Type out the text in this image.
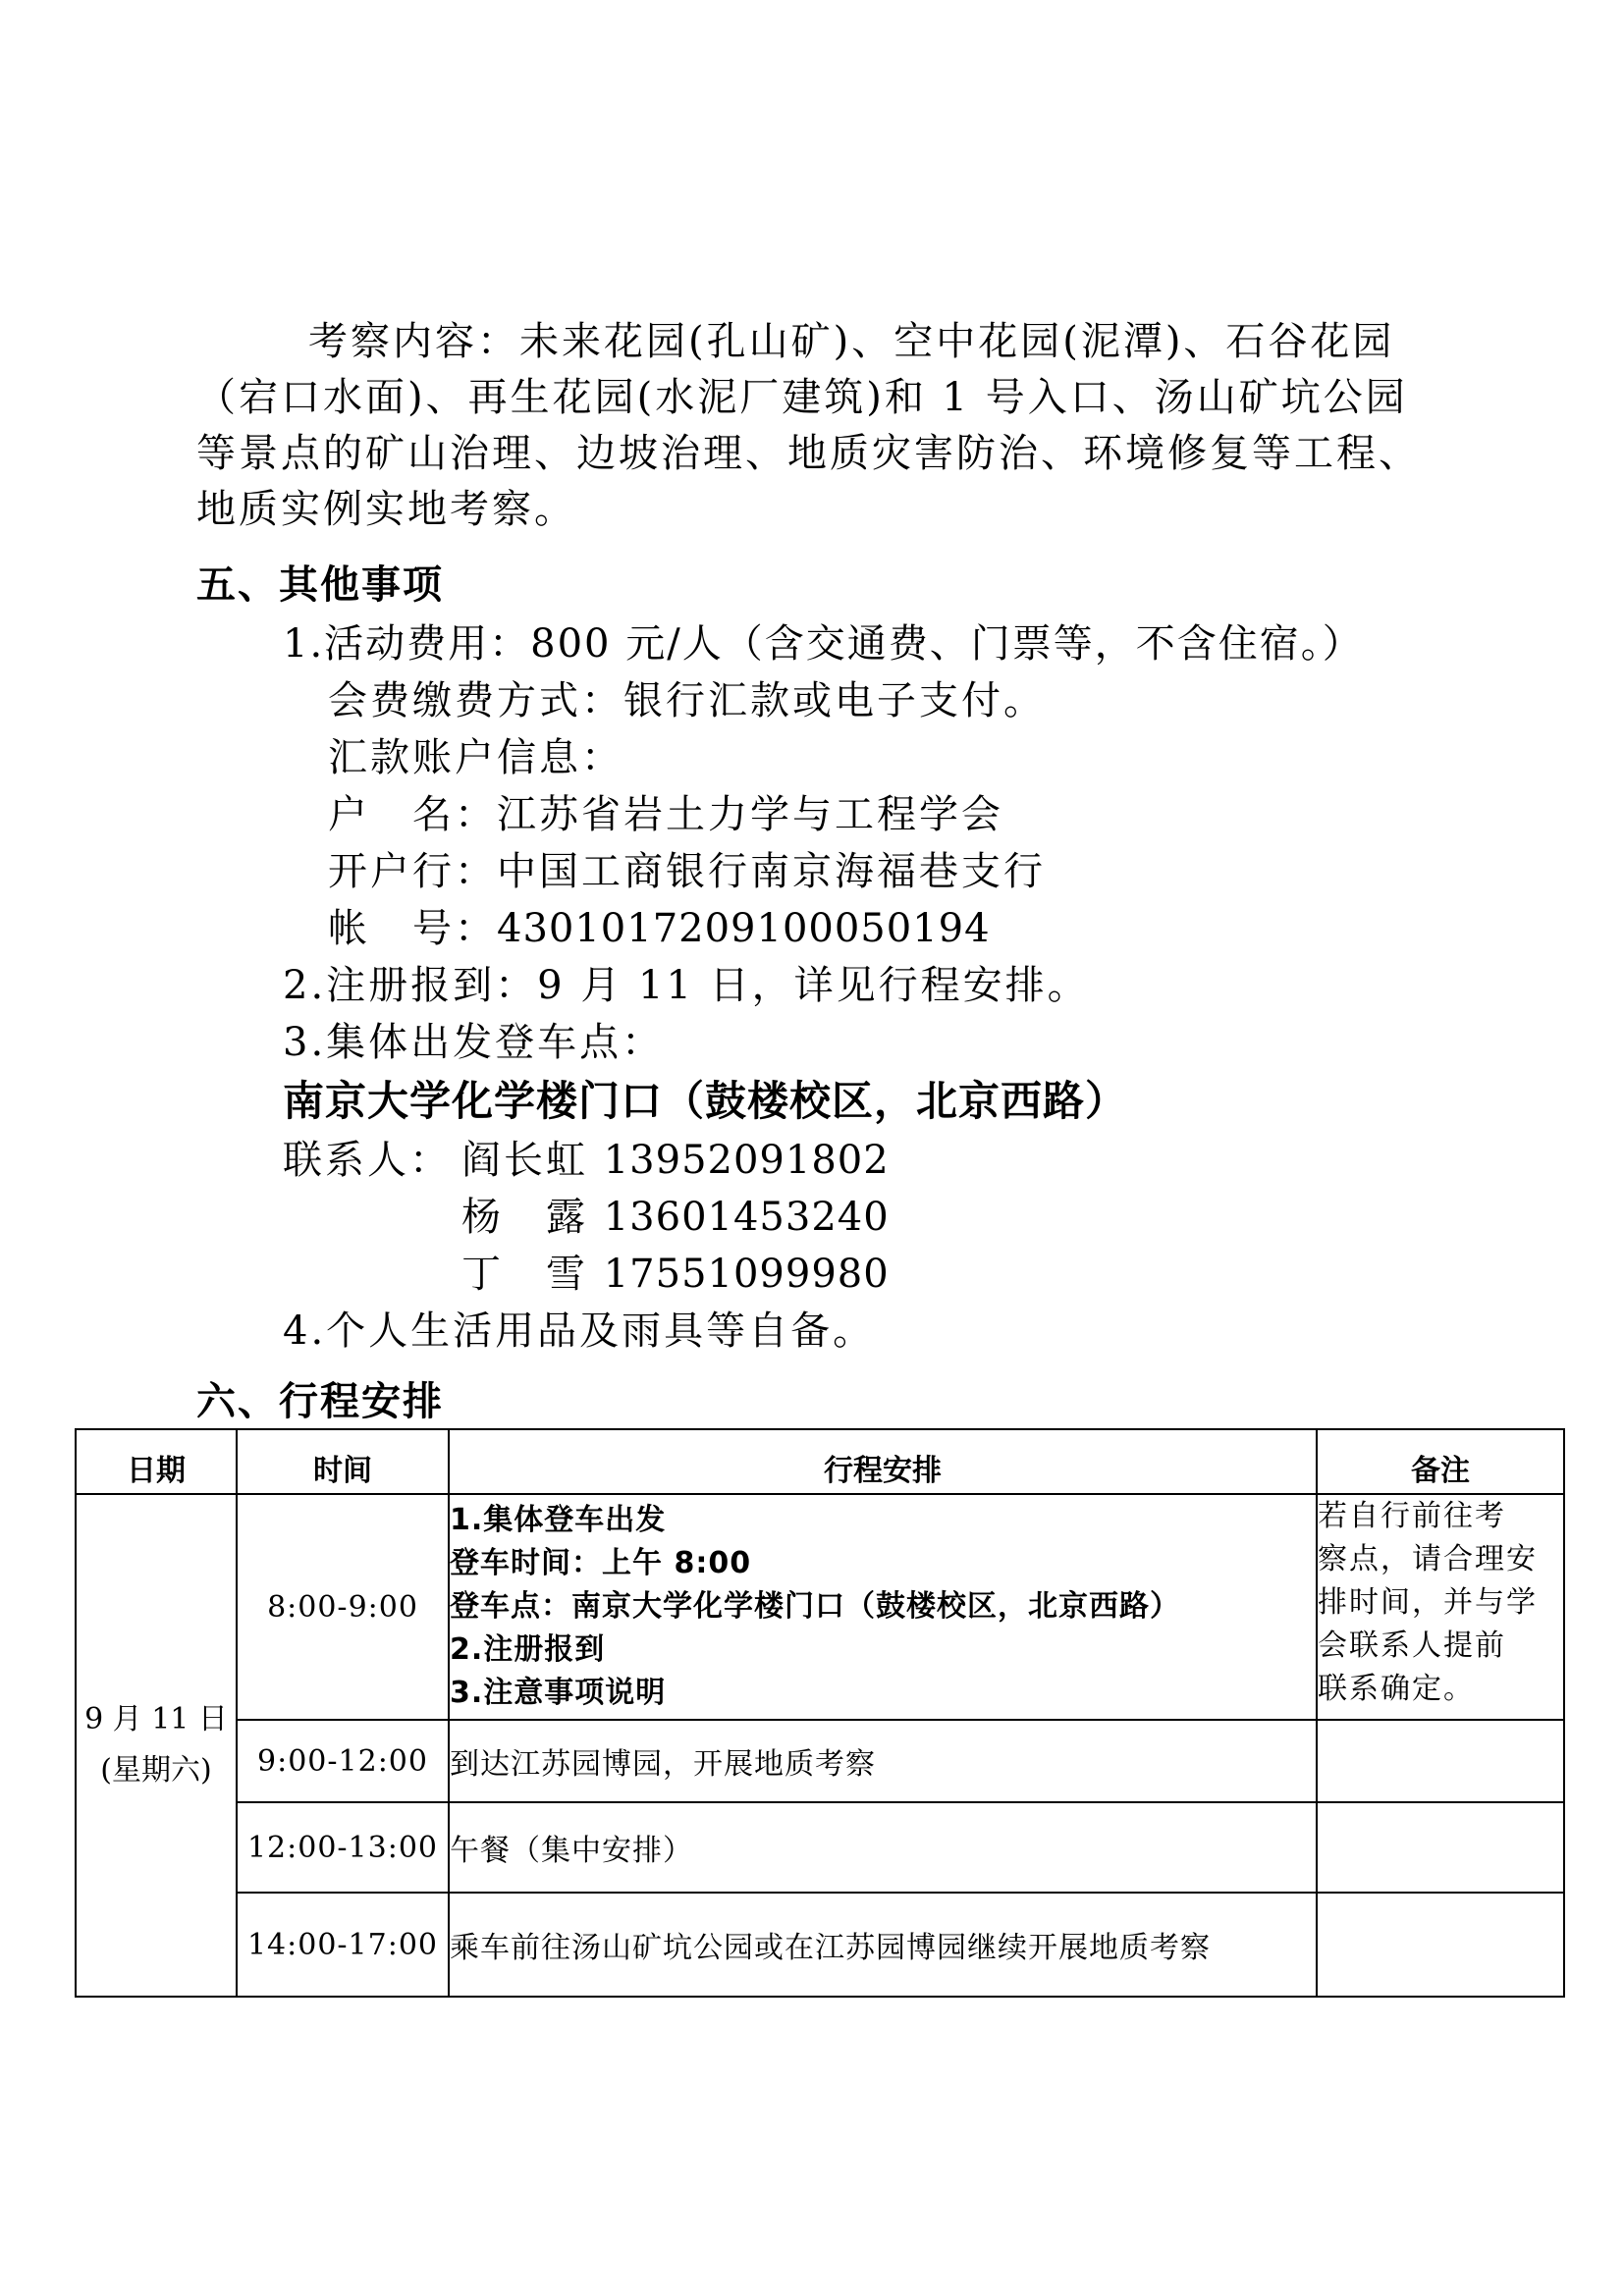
考察内容：未来花园(孔山矿)、空中花园(泥潭)、石谷花园
（宕口水面)、再生花园(水泥厂建筑)和 1 号入口、汤山矿坑公园
等景点的矿山治理、边坡治理、地质灾害防治、环境修复等工程、
地质实例实地考察。
五、其他事项
1.活动费用：800 元/人（含交通费、门票等，不含住宿。）
会费缴费方式：银行汇款或电子支付。
汇款账户信息：
户　名：江苏省岩土力学与工程学会
开户行：中国工商银行南京海福巷支行
帐　号：4301017209100050194
2.注册报到：9 月 11 日，详见行程安排。
3.集体出发登车点：
南京大学化学楼门口（鼓楼校区，北京西路）
联系人： 阎长虹 13952091802
杨　露 13601453240
丁　雪 17551099980
4.个人生活用品及雨具等自备。
六、行程安排
日期	时间	行程安排	备注

9 月 11 日
(星期六)	8:00-9:00	1.集体登车出发
登车时间：上午 8:00
登车点：南京大学化学楼门口（鼓楼校区，北京西路）
2.注册报到
3.注意事项说明	若自行前往考
察点，请合理安
排时间，并与学
会联系人提前
联系确定。

	9:00-12:00	到达江苏园博园，开展地质考察	
	12:00-13:00	午餐（集中安排）	
	14:00-17:00	乘车前往汤山矿坑公园或在江苏园博园继续开展地质考察	
